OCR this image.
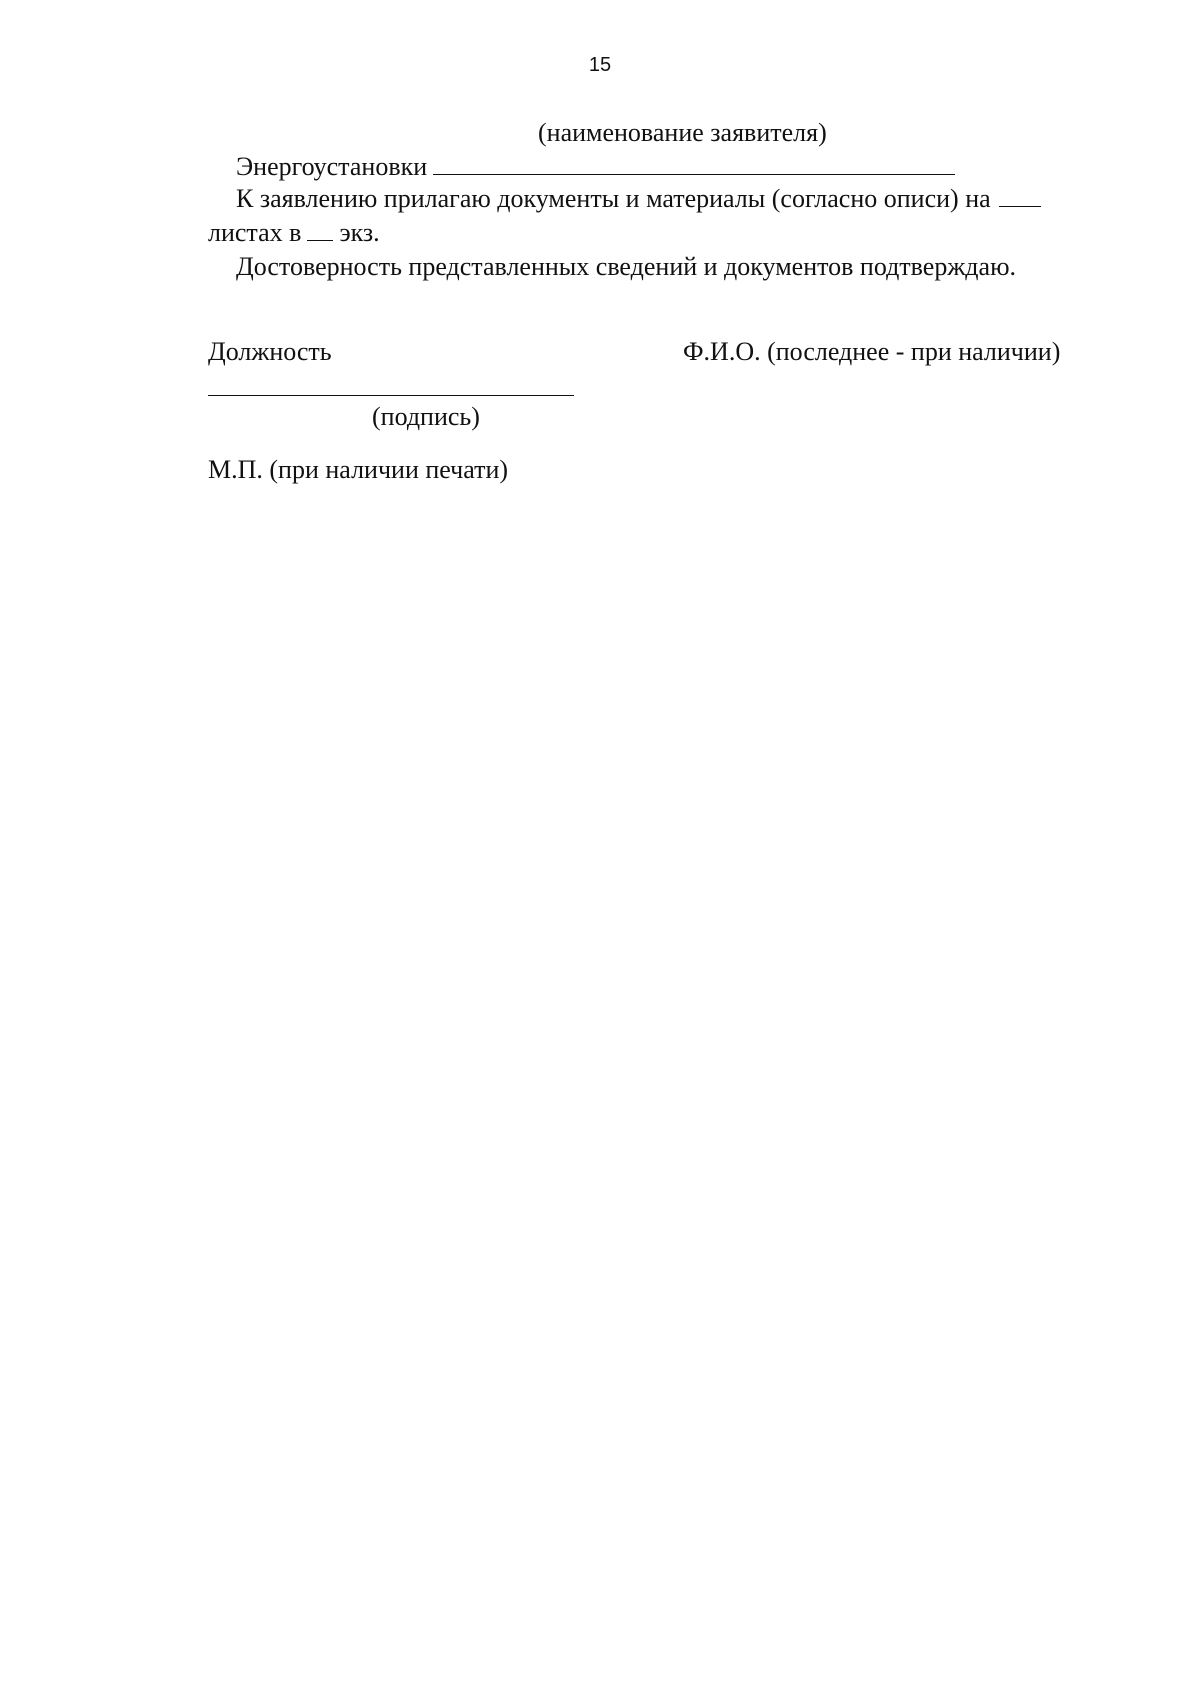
15
(наименование заявителя)
Энергоустановки
К заявлению прилагаю документы и материалы (согласно описи) на
листах в экз.
Достоверность представленных сведений и документов подтверждаю.
Должность	Ф.И.О. (последнее - при наличии)
(подпись)
М.П. (при наличии печати)
